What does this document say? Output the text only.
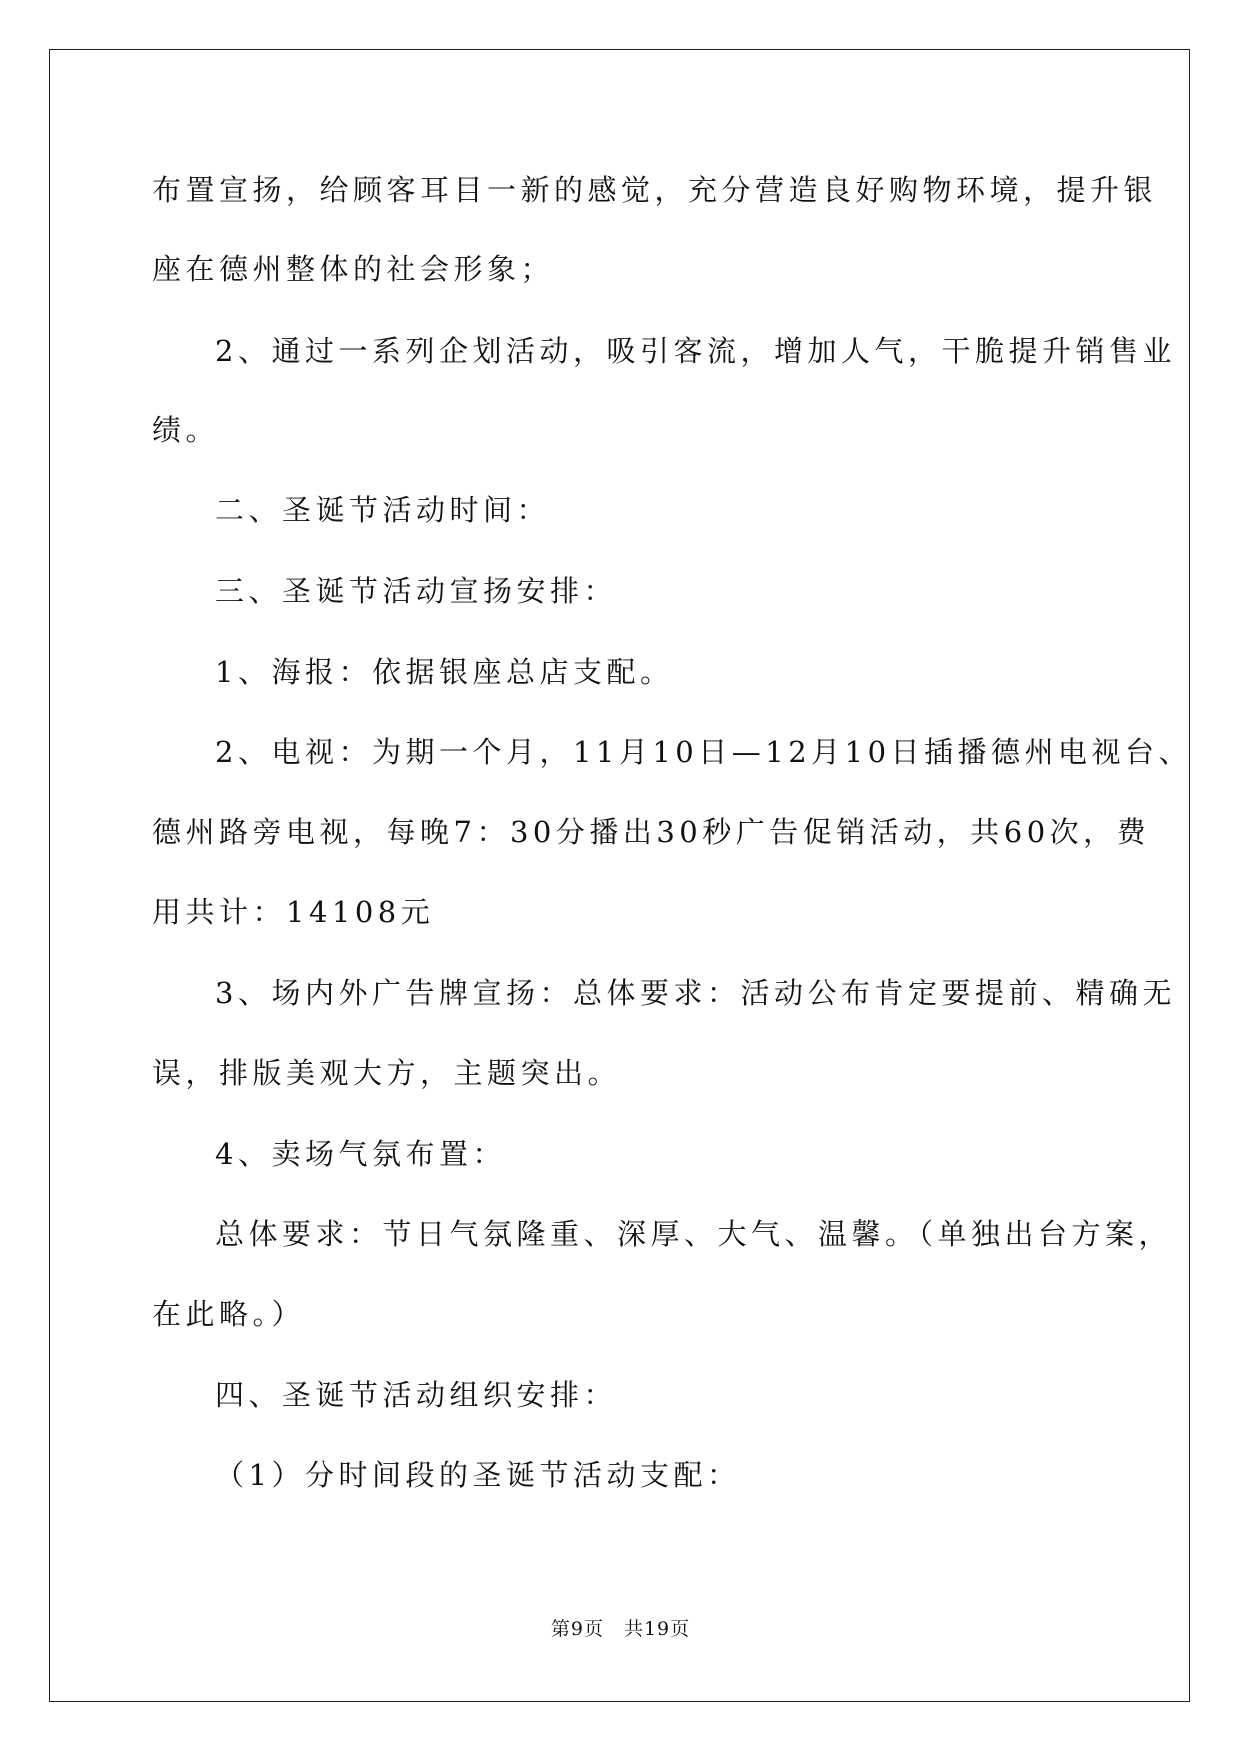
布置宣扬，给顾客耳目一新的感觉，充分营造良好购物环境，提升银
座在德州整体的社会形象；
2、通过一系列企划活动，吸引客流，增加人气，干脆提升销售业
绩。
二、圣诞节活动时间：
三、圣诞节活动宣扬安排：
1、海报：依据银座总店支配。
2、电视：为期一个月，11月10日—12月10日插播德州电视台、
德州路旁电视，每晚7：30分播出30秒广告促销活动，共60次，费
用共计：14108元
3、场内外广告牌宣扬：总体要求：活动公布肯定要提前、精确无
误，排版美观大方，主题突出。
4、卖场气氛布置：
总体要求：节日气氛隆重、深厚、大气、温馨。（单独出台方案，
在此略。）
四、圣诞节活动组织安排：
（1）分时间段的圣诞节活动支配：
第9页 共19页
